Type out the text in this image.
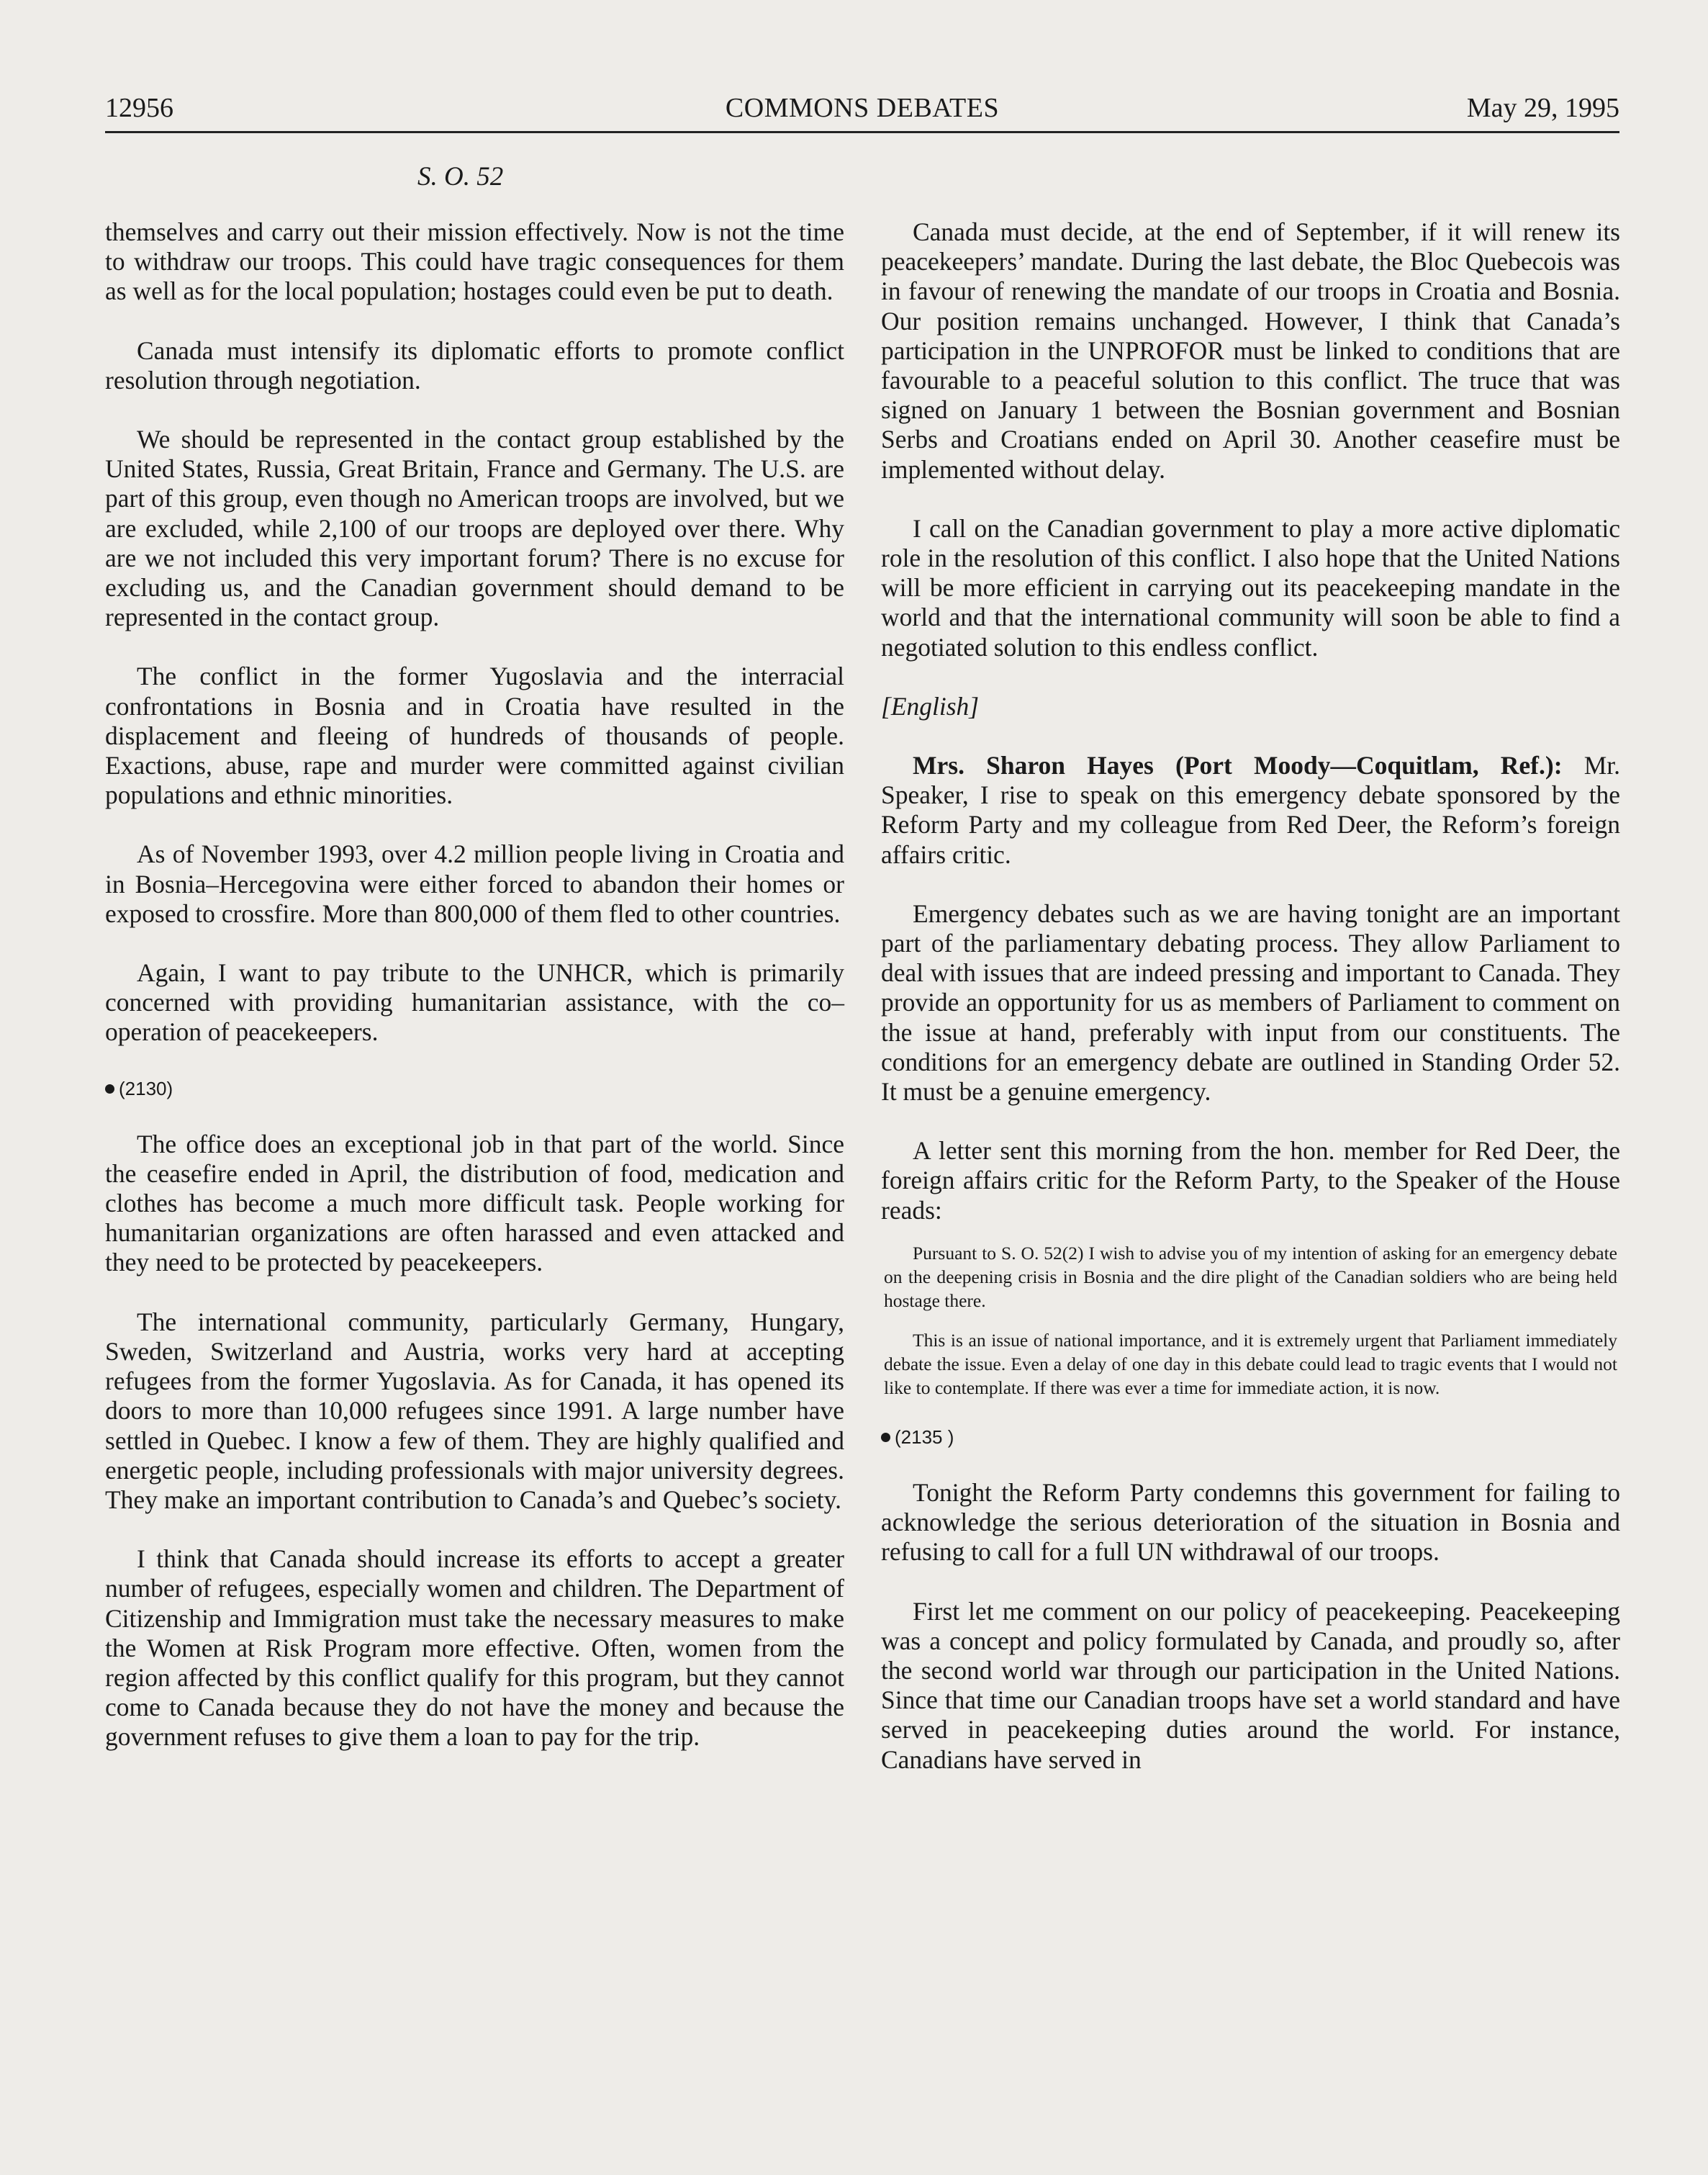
12956	COMMONS DEBATES	May 29, 1995
S. O. 52

themselves and carry out their mission effectively. Now is not the time to withdraw our troops. This could have tragic consequences for them as well as for the local population; hostages could even be put to death.

Canada must intensify its diplomatic efforts to promote conflict resolution through negotiation.

We should be represented in the contact group established by the United States, Russia, Great Britain, France and Germany. The U.S. are part of this group, even though no American troops are involved, but we are excluded, while 2,100 of our troops are deployed over there. Why are we not included this very important forum? There is no excuse for excluding us, and the Canadian government should demand to be represented in the contact group.

The conflict in the former Yugoslavia and the interracial confrontations in Bosnia and in Croatia have resulted in the displacement and fleeing of hundreds of thousands of people. Exactions, abuse, rape and murder were committed against civilian populations and ethnic minorities.

As of November 1993, over 4.2 million people living in Croatia and in Bosnia–Hercegovina were either forced to abandon their homes or exposed to crossfire. More than 800,000 of them fled to other countries.

Again, I want to pay tribute to the UNHCR, which is primarily concerned with providing humanitarian assistance, with the co–operation of peacekeepers.

(2130)

The office does an exceptional job in that part of the world. Since the ceasefire ended in April, the distribution of food, medication and clothes has become a much more difficult task. People working for humanitarian organizations are often harassed and even attacked and they need to be protected by peacekeepers.

The international community, particularly Germany, Hungary, Sweden, Switzerland and Austria, works very hard at accepting refugees from the former Yugoslavia. As for Canada, it has opened its doors to more than 10,000 refugees since 1991. A large number have settled in Quebec. I know a few of them. They are highly qualified and energetic people, including professionals with major university degrees. They make an important contribution to Canada’s and Quebec’s society.

I think that Canada should increase its efforts to accept a greater number of refugees, especially women and children. The Department of Citizenship and Immigration must take the necessary measures to make the Women at Risk Program more effective. Often, women from the region affected by this conflict qualify for this program, but they cannot come to Canada because they do not have the money and because the government refuses to give them a loan to pay for the trip.

Canada must decide, at the end of September, if it will renew its peacekeepers’ mandate. During the last debate, the Bloc Quebecois was in favour of renewing the mandate of our troops in Croatia and Bosnia. Our position remains unchanged. However, I think that Canada’s participation in the UNPROFOR must be linked to conditions that are favourable to a peaceful solution to this conflict. The truce that was signed on January 1 between the Bosnian government and Bosnian Serbs and Croatians ended on April 30. Another ceasefire must be implemented without delay.

I call on the Canadian government to play a more active diplomatic role in the resolution of this conflict. I also hope that the United Nations will be more efficient in carrying out its peacekeeping mandate in the world and that the international community will soon be able to find a negotiated solution to this endless conflict.

[English]

Mrs. Sharon Hayes (Port Moody—Coquitlam, Ref.): Mr. Speaker, I rise to speak on this emergency debate sponsored by the Reform Party and my colleague from Red Deer, the Reform’s foreign affairs critic.

Emergency debates such as we are having tonight are an important part of the parliamentary debating process. They allow Parliament to deal with issues that are indeed pressing and important to Canada. They provide an opportunity for us as members of Parliament to comment on the issue at hand, preferably with input from our constituents. The conditions for an emergency debate are outlined in Standing Order 52. It must be a genuine emergency.

A letter sent this morning from the hon. member for Red Deer, the foreign affairs critic for the Reform Party, to the Speaker of the House reads:

Pursuant to S. O. 52(2) I wish to advise you of my intention of asking for an emergency debate on the deepening crisis in Bosnia and the dire plight of the Canadian soldiers who are being held hostage there.
This is an issue of national importance, and it is extremely urgent that Parliament immediately debate the issue. Even a delay of one day in this debate could lead to tragic events that I would not like to contemplate. If there was ever a time for immediate action, it is now.
(2135 )

Tonight the Reform Party condemns this government for failing to acknowledge the serious deterioration of the situation in Bosnia and refusing to call for a full UN withdrawal of our troops.

First let me comment on our policy of peacekeeping. Peacekeeping was a concept and policy formulated by Canada, and proudly so, after the second world war through our participation in the United Nations. Since that time our Canadian troops have set a world standard and have served in peacekeeping duties around the world. For instance, Canadians have served in
